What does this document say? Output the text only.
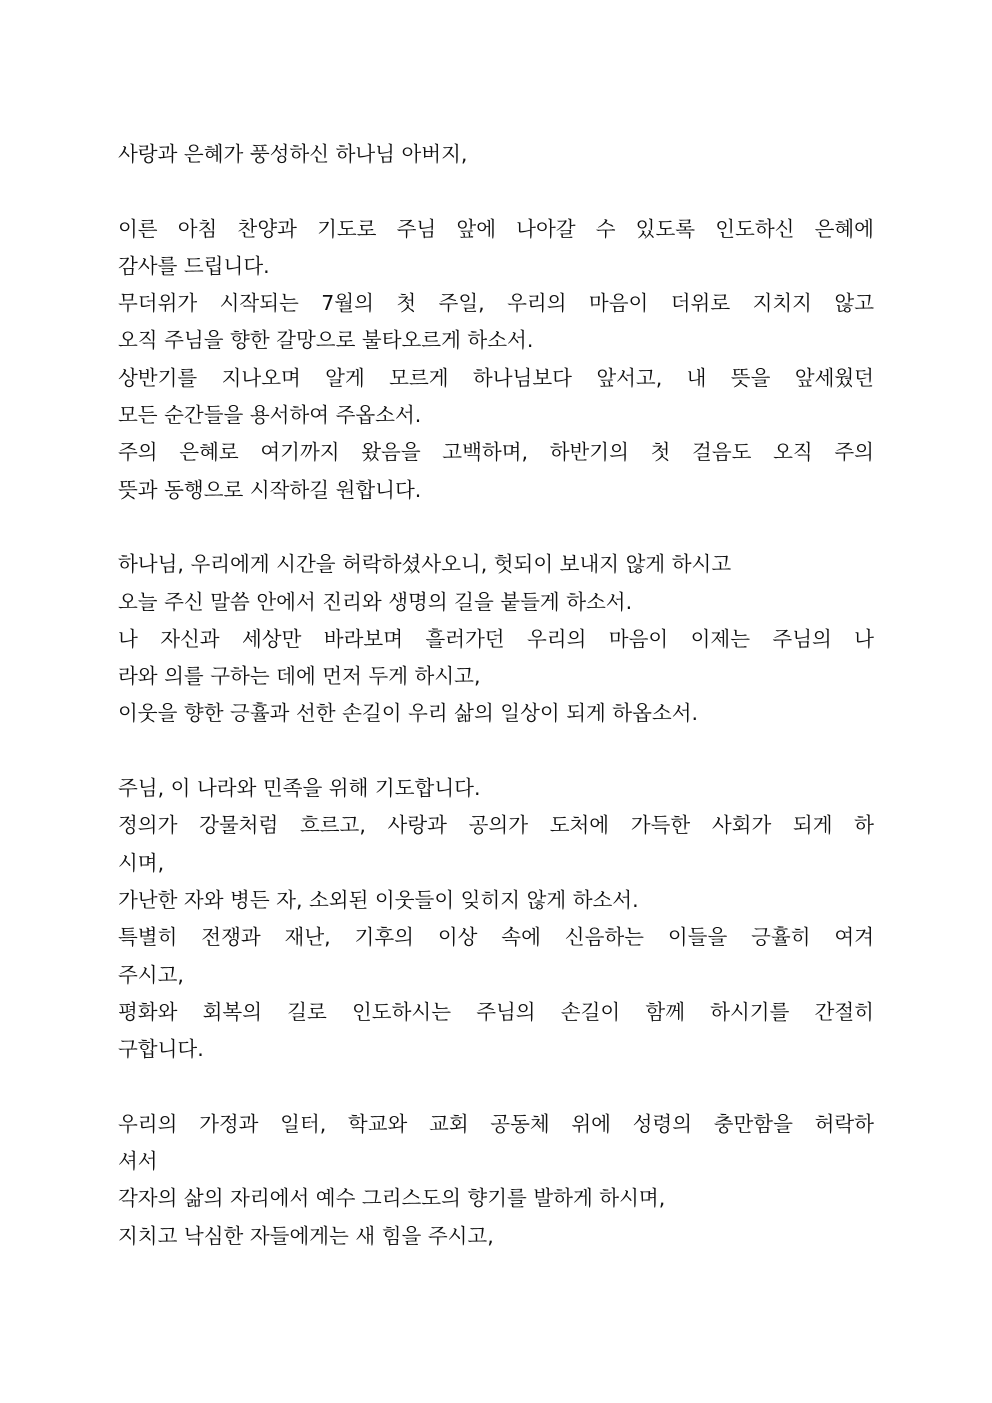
사랑과 은혜가 풍성하신 하나님 아버지,
이른 아침 찬양과 기도로 주님 앞에 나아갈 수 있도록 인도하신 은혜에
감사를 드립니다.
무더위가 시작되는 7월의 첫 주일, 우리의 마음이 더위로 지치지 않고
오직 주님을 향한 갈망으로 불타오르게 하소서.
상반기를 지나오며 알게 모르게 하나님보다 앞서고, 내 뜻을 앞세웠던
모든 순간들을 용서하여 주옵소서.
주의 은혜로 여기까지 왔음을 고백하며, 하반기의 첫 걸음도 오직 주의
뜻과 동행으로 시작하길 원합니다.
하나님, 우리에게 시간을 허락하셨사오니, 헛되이 보내지 않게 하시고
오늘 주신 말씀 안에서 진리와 생명의 길을 붙들게 하소서.
나 자신과 세상만 바라보며 흘러가던 우리의 마음이 이제는 주님의 나
라와 의를 구하는 데에 먼저 두게 하시고,
이웃을 향한 긍휼과 선한 손길이 우리 삶의 일상이 되게 하옵소서.
주님, 이 나라와 민족을 위해 기도합니다.
정의가 강물처럼 흐르고, 사랑과 공의가 도처에 가득한 사회가 되게 하
시며,
가난한 자와 병든 자, 소외된 이웃들이 잊히지 않게 하소서.
특별히 전쟁과 재난, 기후의 이상 속에 신음하는 이들을 긍휼히 여겨
주시고,
평화와 회복의 길로 인도하시는 주님의 손길이 함께 하시기를 간절히
구합니다.
우리의 가정과 일터, 학교와 교회 공동체 위에 성령의 충만함을 허락하
셔서
각자의 삶의 자리에서 예수 그리스도의 향기를 발하게 하시며,
지치고 낙심한 자들에게는 새 힘을 주시고,
